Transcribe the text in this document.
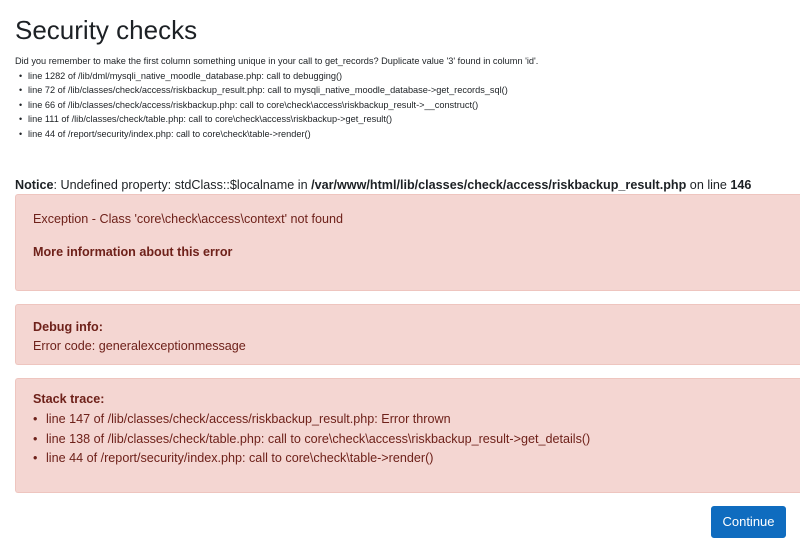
Security checks
Did you remember to make the first column something unique in your call to get_records? Duplicate value '3' found in column 'id'.
• line 1282 of /lib/dml/mysqli_native_moodle_database.php: call to debugging()
• line 72 of /lib/classes/check/access/riskbackup_result.php: call to mysqli_native_moodle_database->get_records_sql()
• line 66 of /lib/classes/check/access/riskbackup.php: call to core\check\access\riskbackup_result->__construct()
• line 111 of /lib/classes/check/table.php: call to core\check\access\riskbackup->get_result()
• line 44 of /report/security/index.php: call to core\check\table->render()
Notice: Undefined property: stdClass::$localname in /var/www/html/lib/classes/check/access/riskbackup_result.php on line 146
Exception - Class 'core\check\access\context' not found
More information about this error
Debug info:
Error code: generalexceptionmessage
Stack trace:
• line 147 of /lib/classes/check/access/riskbackup_result.php: Error thrown
• line 138 of /lib/classes/check/table.php: call to core\check\access\riskbackup_result->get_details()
• line 44 of /report/security/index.php: call to core\check\table->render()
Continue
